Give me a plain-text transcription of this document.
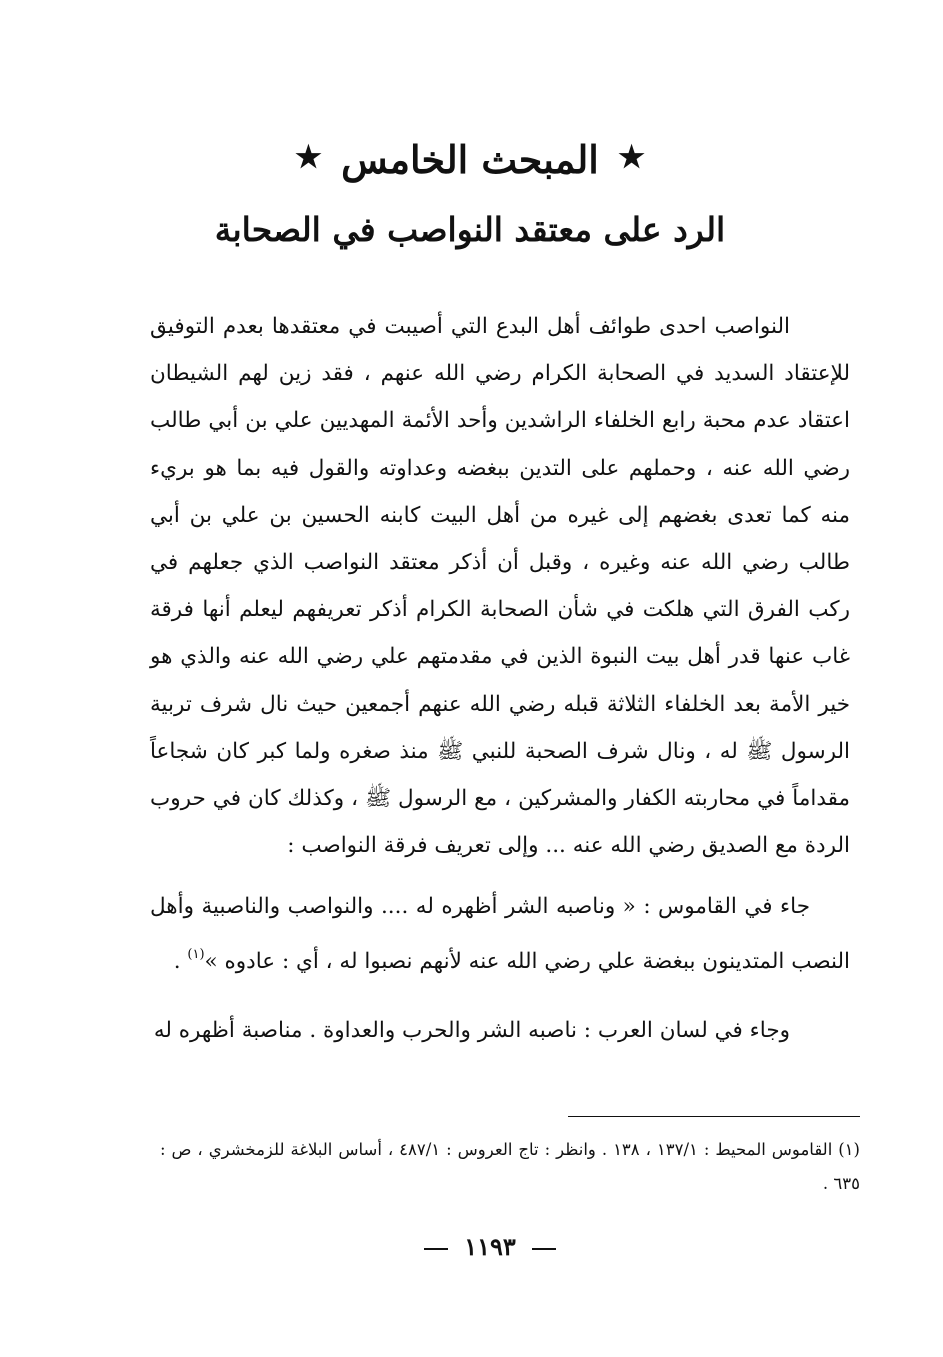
★ المبحث الخامس ★
الرد على معتقد النواصب في الصحابة

النواصب احدى طوائف أهل البدع التي أصيبت في معتقدها بعدم التوفيق للإعتقاد السديد في الصحابة الكرام رضي الله عنهم ، فقد زين لهم الشيطان اعتقاد عدم محبة رابع الخلفاء الراشدين وأحد الأئمة المهديين علي بن أبي طالب رضي الله عنه ، وحملهم على التدين ببغضه وعداوته والقول فيه بما هو بريء منه كما تعدى بغضهم إلى غيره من أهل البيت كابنه الحسين بن علي بن أبي طالب رضي الله عنه وغيره ، وقبل أن أذكر معتقد النواصب الذي جعلهم في ركب الفرق التي هلكت في شأن الصحابة الكرام أذكر تعريفهم ليعلم أنها فرقة غاب عنها قدر أهل بيت النبوة الذين في مقدمتهم علي رضي الله عنه والذي هو خير الأمة بعد الخلفاء الثلاثة قبله رضي الله عنهم أجمعين حيث نال شرف تربية الرسول ﷺ له ، ونال شرف الصحبة للنبي ﷺ منذ صغره ولما كبر كان شجاعاً مقداماً في محاربته الكفار والمشركين ، مع الرسول ﷺ ، وكذلك كان في حروب الردة مع الصديق رضي الله عنه ... وإلى تعريف فرقة النواصب :

جاء في القاموس : « وناصبه الشر أظهره له .... والنواصب والناصبية وأهل النصب المتدينون ببغضة علي رضي الله عنه لأنهم نصبوا له ، أي : عادوه »$^{(١)}$ .

وجاء في لسان العرب : ناصبه الشر والحرب والعداوة . مناصبة أظهره له

(١) القاموس المحيط : ١٣٧/١ ، ١٣٨ . وانظر : تاج العروس : ٤٨٧/١ ، أساس البلاغة للزمخشري ، ص : ٦٣٥ .
١١٩٣
